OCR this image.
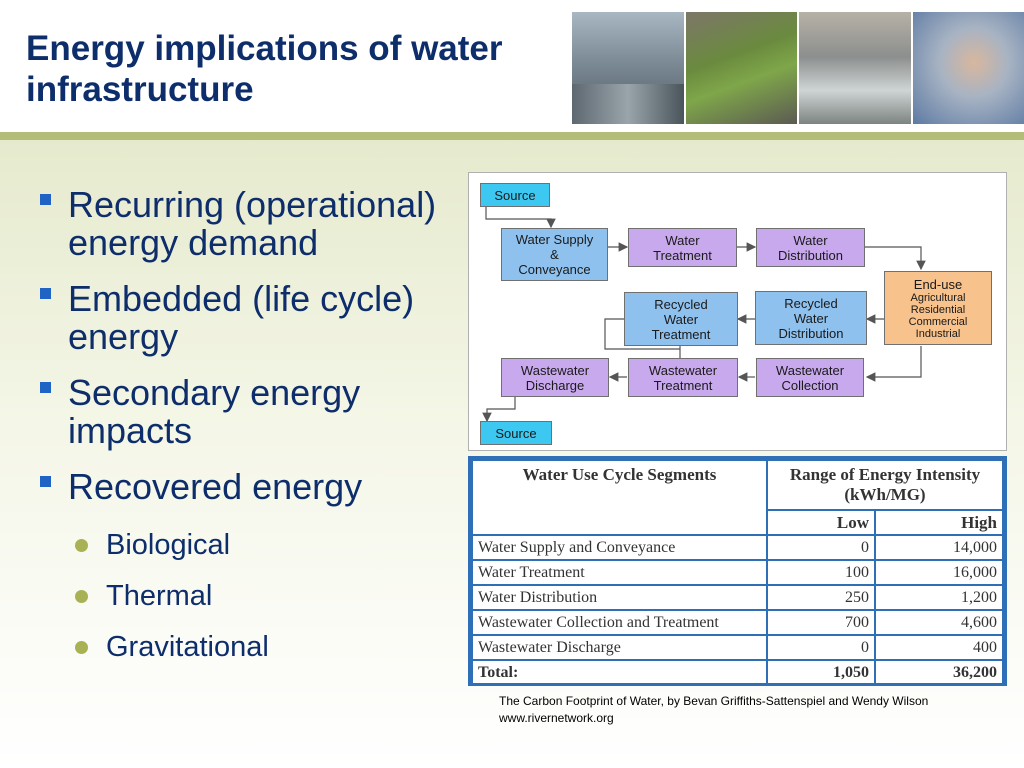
Energy implications of water infrastructure
Recurring (operational) energy demand
Embedded (life cycle) energy
Secondary energy impacts
Recovered energy
Biological
Thermal
Gravitational
Source
Water Supply
&
Conveyance
Water
Treatment
Water
Distribution
End-use
Agricultural
Residential
Commercial
Industrial
Recycled
Water
Treatment
Recycled
Water
Distribution
Wastewater
Discharge
Wastewater
Treatment
Wastewater
Collection
Source
Water Use Cycle Segments	Range of Energy Intensity (kWh/MG)	
	Low	High
Water Supply and Conveyance	0	14,000
Water Treatment	100	16,000
Water Distribution	250	1,200
Wastewater Collection and Treatment	700	4,600
Wastewater Discharge	0	400
Total:	1,050	36,200
The Carbon Footprint of Water, by Bevan Griffiths-Sattenspiel and Wendy Wilson www.rivernetwork.org
